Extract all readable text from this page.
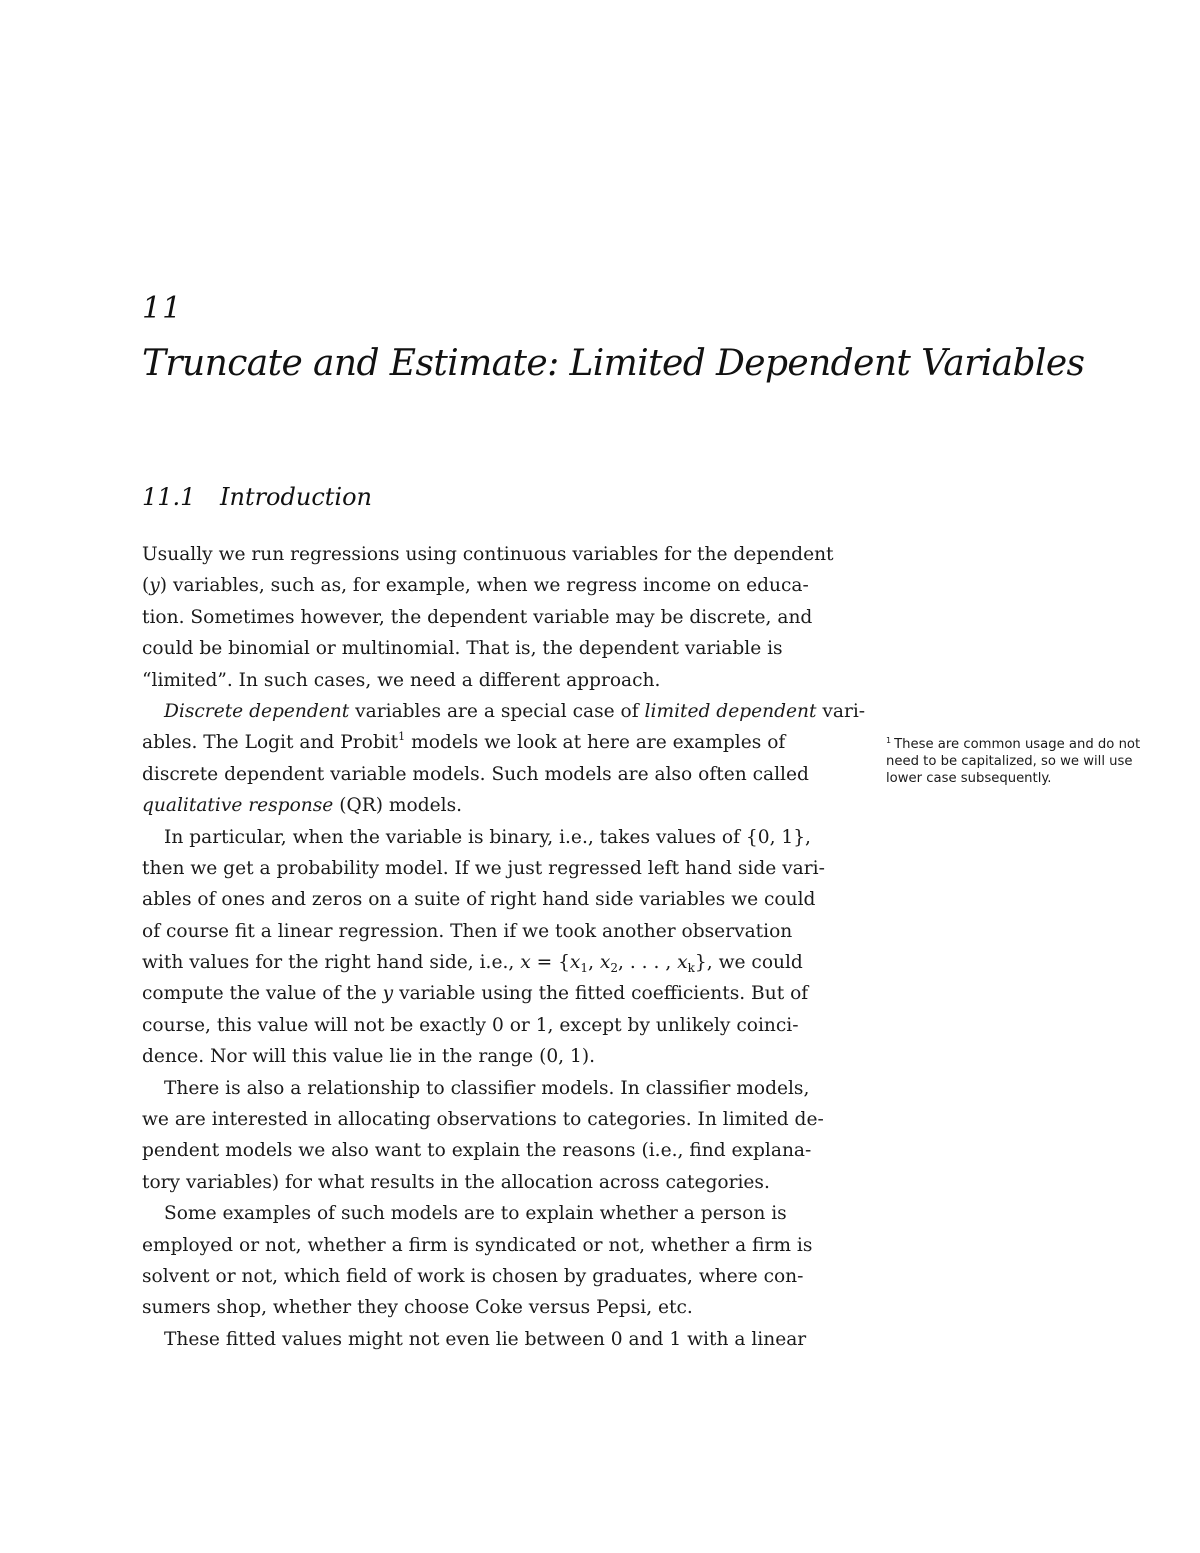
11
Truncate and Estimate: Limited Dependent Variables
11.1 Introduction
Usually we run regressions using continuous variables for the dependent
(y) variables, such as, for example, when we regress income on educa-
tion. Sometimes however, the dependent variable may be discrete, and
could be binomial or multinomial. That is, the dependent variable is
“limited”. In such cases, we need a different approach.
Discrete dependent variables are a special case of limited dependent vari-
ables. The Logit and Probit$^1$ models we look at here are examples of
discrete dependent variable models. Such models are also often called
qualitative response (QR) models.
In particular, when the variable is binary, i.e., takes values of {0, 1},
then we get a probability model. If we just regressed left hand side vari-
ables of ones and zeros on a suite of right hand side variables we could
of course fit a linear regression. Then if we took another observation
with values for the right hand side, i.e., $x = \{x_1$, $x_2$, . . . , $x_k$}, we could
compute the value of the y variable using the fitted coefficients. But of
course, this value will not be exactly 0 or 1, except by unlikely coinci-
dence. Nor will this value lie in the range (0, 1).
There is also a relationship to classifier models. In classifier models,
we are interested in allocating observations to categories. In limited de-
pendent models we also want to explain the reasons (i.e., find explana-
tory variables) for what results in the allocation across categories.
Some examples of such models are to explain whether a person is
employed or not, whether a firm is syndicated or not, whether a firm is
solvent or not, which field of work is chosen by graduates, where con-
sumers shop, whether they choose Coke versus Pepsi, etc.
These fitted values might not even lie between 0 and 1 with a linear
$^1$ These are common usage and do not
need to be capitalized, so we will use
lower case subsequently.
